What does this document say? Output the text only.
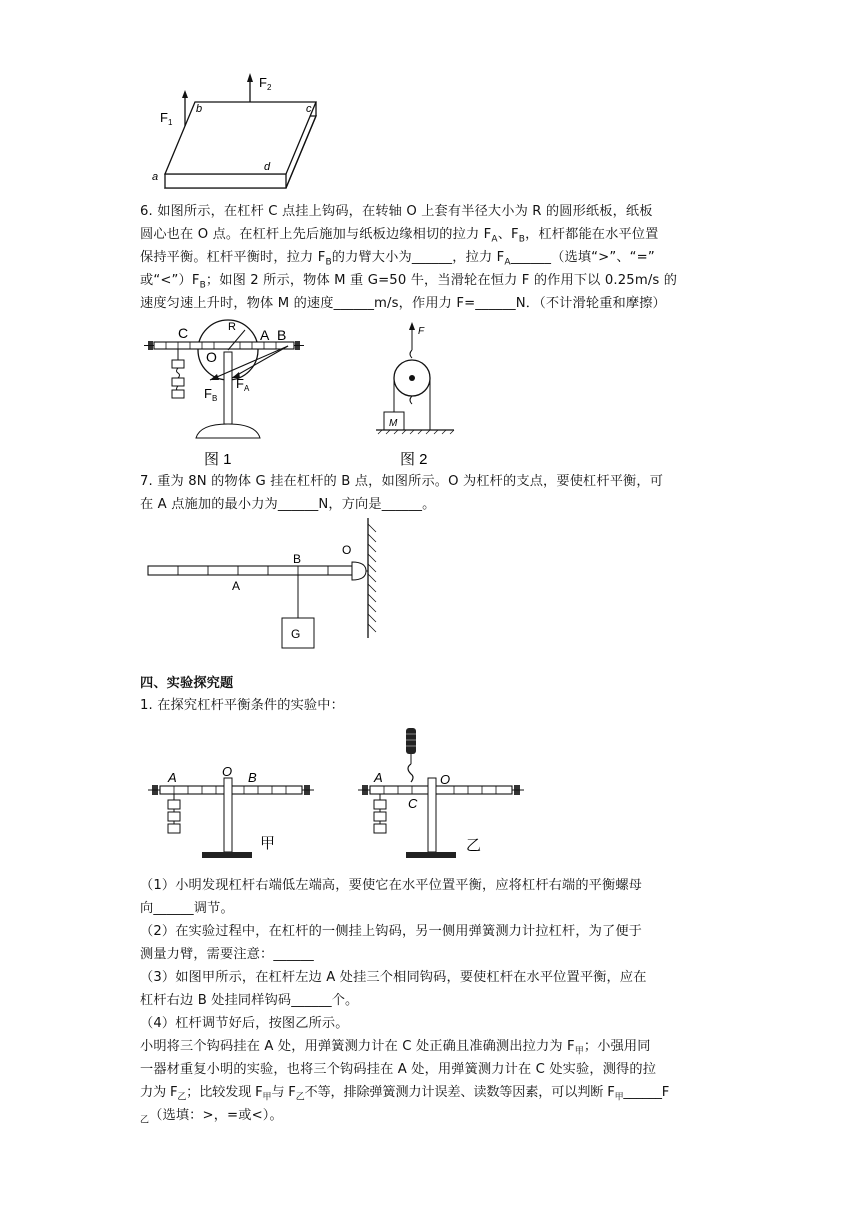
$F_1$
$F_2$
b	c
a
d
6. 如图所示，在杠杆 C 点挂上钩码，在转轴 O 上套有半径大小为 R 的圆形纸板，纸板
圆心也在 O 点。在杠杆上先后施加与纸板边缘相切的拉力 $F_A$、$F_B$，杠杆都能在水平位置
保持平衡。杠杆平衡时，拉力 $F_B$的力臂大小为______，拉力 $F_A\_\_\_\_\_\_$（选填“>”、“=”
或“$<”)F_B$；如图 2 所示，物体 M 重 G=50 牛，当滑轮在恒力 F 的作用下以 0.25m/s 的
速度匀速上升时，物体 M 的速度______m/s，作用力 F=______N．（不计滑轮重和摩擦）
C
O
R A B
$F_A$
$F_B$
图 1
F
M
图 2
7. 重为 8N 的物体 G 挂在杠杆的 B 点，如图所示。O 为杠杆的支点，要使杠杆平衡，可
在 A 点施加的最小力为______N，方向是______。
G
B
A
O
四、实验探究题
1. 在探究杠杆平衡条件的实验中：
A	O B
甲
A
C
O
乙
（1）小明发现杠杆右端低左端高，要使它在水平位置平衡，应将杠杆右端的平衡螺母
向______调节。
（2）在实验过程中，在杠杆的一侧挂上钩码，另一侧用弹簧测力计拉杠杆，为了便于
测量力臂，需要注意：______
（3）如图甲所示，在杠杆左边 A 处挂三个相同钩码，要使杠杆在水平位置平衡，应在
杠杆右边 B 处挂同样钩码______个。
（4）杠杆调节好后，按图乙所示。
小明将三个钩码挂在 A 处，用弹簧测力计在 C 处正确且准确测出拉力为 $F_甲$；小强用同
一器材重复小明的实验，也将三个钩码挂在 A 处，用弹簧测力计在 C 处实验，测得的拉
力为 $F_乙$；比较发现 $F_甲$与 $F_乙$不等，排除弹簧测力计误差、读数等因素，可以判断 $F_甲\_\_\_\_\_\_F$
$_乙$（选填：>，=或<）。
